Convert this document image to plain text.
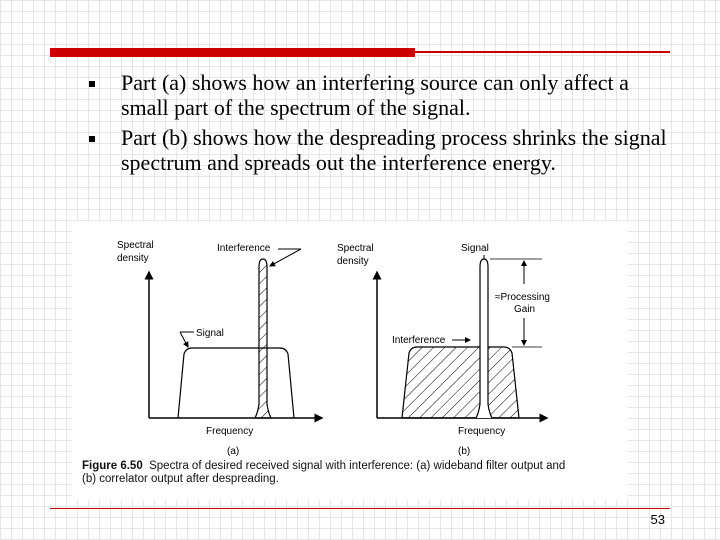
Part (a) shows how an interfering source can only affect a small part of the spectrum of the signal.
Part (b) shows how the despreading process shrinks the signal spectrum and spreads out the interference energy.
Spectral
density
Interference
Signal
Frequency
(a)
Spectral
density
Signal
≈Processing
Gain
Interference
Frequency
(b)
Figure 6.50 Spectra of desired received signal with interference: (a) wideband filter output and
(b) correlator output after despreading.
53
